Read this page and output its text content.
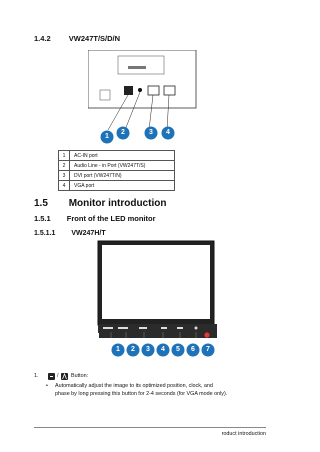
1.4.2 VW247T/S/D/N
1
2	3	4
1	AC-IN port
2	Audio Line - in Port (VW247T/S)
3	DVI port (VW247T/N)
4	VGA port
1.5 Monitor introduction
1.5.1 Front of the LED monitor
1.5.1.1 VW247H/T
1	2	3	4	5	6	7
1.	/ Button:
• Automatically adjust the image to its optimized position, clock, and
phase by long pressing this button for 2-4 seconds (for VGA mode only).
roduct introduction
